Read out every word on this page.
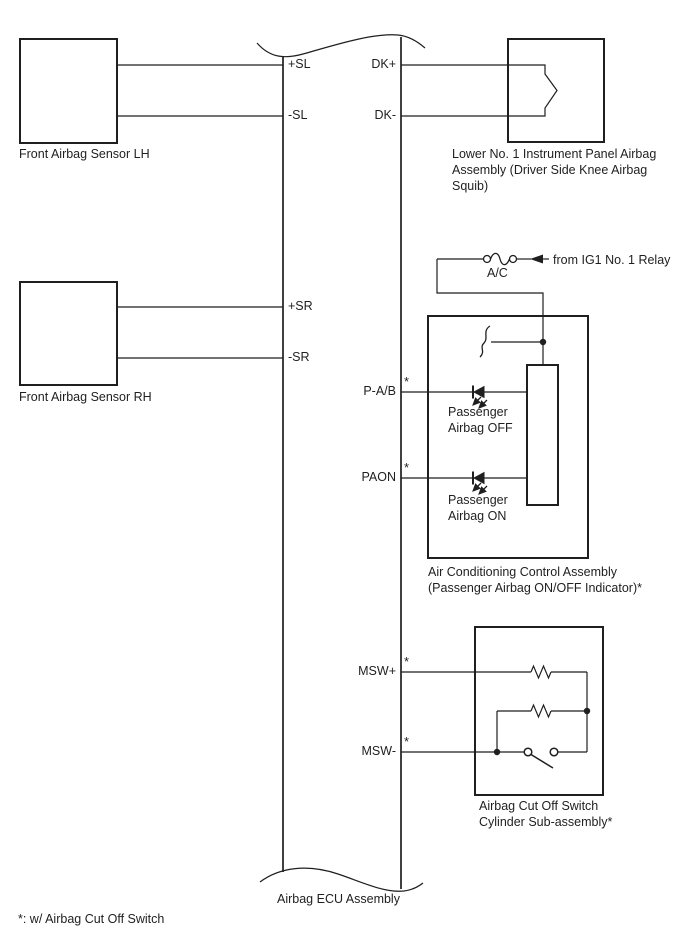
Front Airbag Sensor LH
Front Airbag Sensor RH
Lower No. 1 Instrument Panel Airbag
Assembly (Driver Side Knee Airbag
Squib)
from IG1 No. 1 Relay
A/C
Passenger
Airbag OFF
Passenger
Airbag ON
Air Conditioning Control Assembly
(Passenger Airbag ON/OFF Indicator)*
Airbag Cut Off Switch
Cylinder Sub-assembly*
Airbag ECU Assembly
*: w/ Airbag Cut Off Switch
+SL
-SL
+SR
-SR
DK+
DK-
P-A/B
PAON
MSW+
MSW-
*
*
*
*
